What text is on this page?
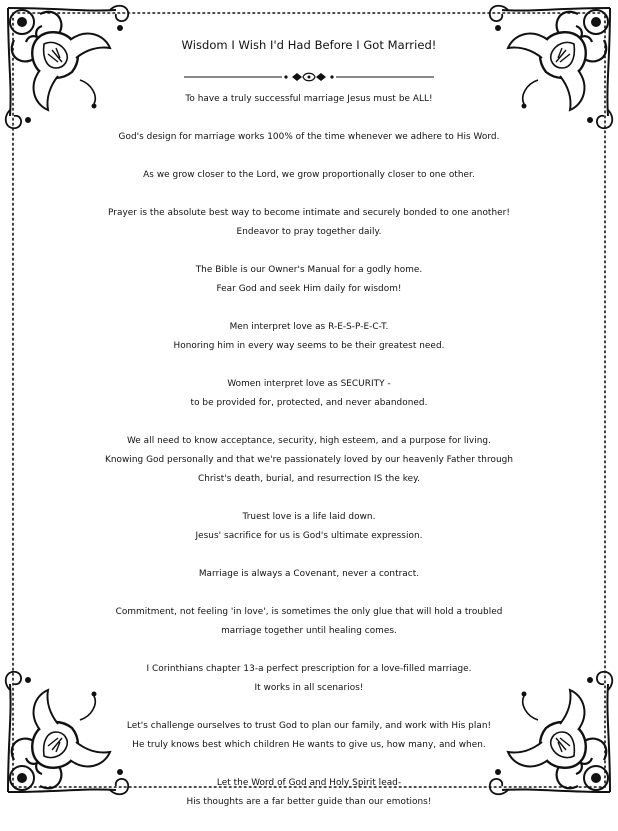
Wisdom I Wish I'd Had Before I Got Married!

To have a truly successful marriage Jesus must be ALL!

God's design for marriage works 100% of the time whenever we adhere to His Word.

As we grow closer to the Lord, we grow proportionally closer to one other.

Prayer is the absolute best way to become intimate and securely bonded to one another!
Endeavor to pray together daily.

The Bible is our Owner's Manual for a godly home.
Fear God and seek Him daily for wisdom!

Men interpret love as R-E-S-P-E-C-T.
Honoring him in every way seems to be their greatest need.

Women interpret love as SECURITY -
to be provided for, protected, and never abandoned.

We all need to know acceptance, security, high esteem, and a purpose for living.
Knowing God personally and that we're passionately loved by our heavenly Father through
Christ's death, burial, and resurrection IS the key.

Truest love is a life laid down.
Jesus' sacrifice for us is God's ultimate expression.

Marriage is always a Covenant, never a contract.

Commitment, not feeling 'in love', is sometimes the only glue that will hold a troubled
marriage together until healing comes.

I Corinthians chapter 13-a perfect prescription for a love-filled marriage.
It works in all scenarios!

Let's challenge ourselves to trust God to plan our family, and work with His plan!
He truly knows best which children He wants to give us, how many, and when.

Let the Word of God and Holy Spirit lead-
His thoughts are a far better guide than our emotions!
